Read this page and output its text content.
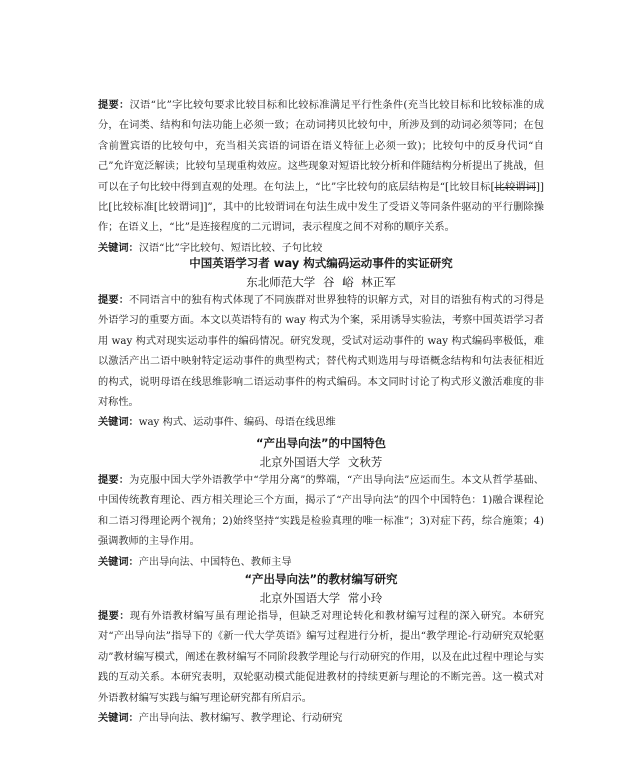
提要：汉语“比”字比较句要求比较目标和比较标准满足平行性条件(充当比较目标和比较标准的成分，在词类、结构和句法功能上必须一致；在动词拷贝比较句中，所涉及到的动词必须等同；在包含前置宾语的比较句中，充当相关宾语的词语在语义特征上必须一致)；比较句中的反身代词“自己”允许宽泛解读；比较句呈现重构效应。这些现象对短语比较分析和伴随结构分析提出了挑战，但可以在子句比较中得到直观的处理。在句法上，“比”字比较句的底层结构是“[比较目标[比较谓词]]比[比较标准[比较谓词]]”，其中的比较谓词在句法生成中发生了受语义等同条件驱动的平行删除操作；在语义上，“比”是连接程度的二元谓词，表示程度之间不对称的顺序关系。
关键词：汉语“比”字比较句、短语比较、子句比较
中国英语学习者 way 构式编码运动事件的实证研究
东北师范大学 谷 峪 林正军
提要：不同语言中的独有构式体现了不同族群对世界独特的识解方式，对目的语独有构式的习得是外语学习的重要方面。本文以英语特有的 way 构式为个案，采用诱导实验法，考察中国英语学习者用 way 构式对现实运动事件的编码情况。研究发现，受试对运动事件的 way 构式编码率极低，难以激活产出二语中映射特定运动事件的典型构式；替代构式则选用与母语概念结构和句法表征相近的构式，说明母语在线思维影响二语运动事件的构式编码。本文同时讨论了构式形义激活难度的非对称性。
关键词：way 构式、运动事件、编码、母语在线思维
“产出导向法”的中国特色
北京外国语大学 文秋芳
提要：为克服中国大学外语教学中“学用分离”的弊端，“产出导向法”应运而生。本文从哲学基础、中国传统教育理论、西方相关理论三个方面，揭示了“产出导向法”的四个中国特色：1)融合课程论和二语习得理论两个视角；2)始终坚持“实践是检验真理的唯一标准”；3)对症下药，综合施策；4)强调教师的主导作用。
关键词：产出导向法、中国特色、教师主导
“产出导向法”的教材编写研究
北京外国语大学 常小玲
提要：现有外语教材编写虽有理论指导，但缺乏对理论转化和教材编写过程的深入研究。本研究对“产出导向法”指导下的《新一代大学英语》编写过程进行分析，提出“教学理论-行动研究双轮驱动”教材编写模式，阐述在教材编写不同阶段教学理论与行动研究的作用，以及在此过程中理论与实践的互动关系。本研究表明，双轮驱动模式能促进教材的持续更新与理论的不断完善。这一模式对外语教材编写实践与编写理论研究都有所启示。
关键词：产出导向法、教材编写、教学理论、行动研究
